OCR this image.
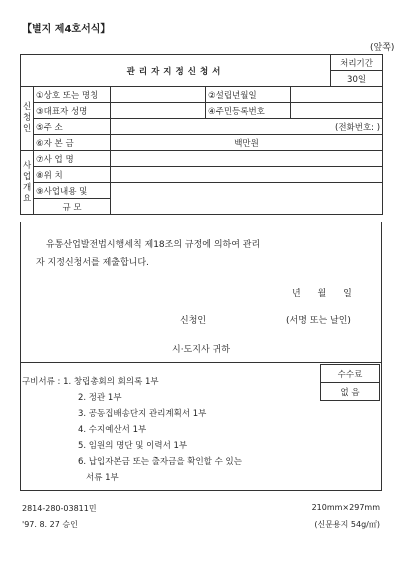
【별지 제4호서식】
(앞쪽)
관리자지정신청서					처리기간
					30일
신
청
인	①상호 또는 명칭		②설립년월일		
	③대표자 성명		④주민등록번호		
	⑤주 소	(전화번호: )			
	⑥자 본 금	백만원			
사
업
개
요	⑦사 업 명				
	⑧위 치				
	⑨사업내용 및				
	규 모				
유통산업발전법시행세칙 제18조의 규정에 의하여 관리
자 지정신청서를 제출합니다.
년 월 일
신청인	(서명 또는 날인)
시·도지사 귀하
구비서류 : 1. 창립총회의 회의록 1부
2. 정관 1부
3. 공동집배송단지 관리계획서 1부
4. 수지예산서 1부
5. 임원의 명단 및 이력서 1부
6. 납입자본금 또는 출자금을 확인할 수 있는
서류 1부
수수료
없 음
2814-280-03811민
'97. 8. 27 승인
210mm×297mm
(신문용지 54g/㎡)
